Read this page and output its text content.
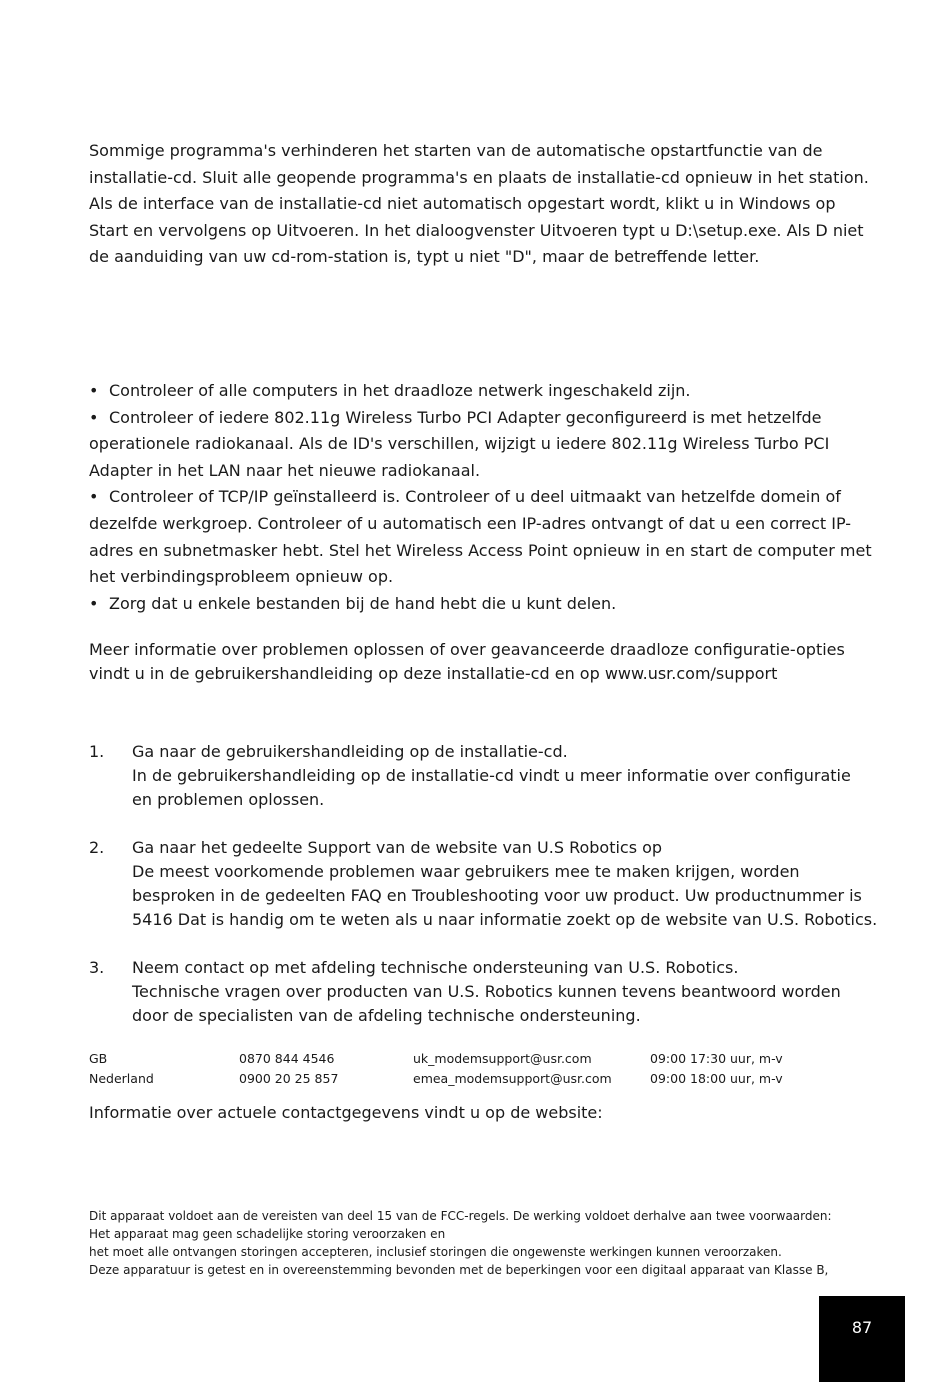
Sommige programma's verhinderen het starten van de automatische opstartfunctie van de

installatie-cd. Sluit alle geopende programma's en plaats de installatie-cd opnieuw in het station.

Als de interface van de installatie-cd niet automatisch opgestart wordt, klikt u in Windows op

Start en vervolgens op Uitvoeren. In het dialoogvenster Uitvoeren typt u D:\setup.exe. Als D niet

de aanduiding van uw cd-rom-station is, typt u niet "D", maar de betreffende letter.

• Controleer of alle computers in het draadloze netwerk ingeschakeld zijn.

• Controleer of iedere 802.11g Wireless Turbo PCI Adapter geconfigureerd is met hetzelfde

operationele radiokanaal. Als de ID's verschillen, wijzigt u iedere 802.11g Wireless Turbo PCI

Adapter in het LAN naar het nieuwe radiokanaal.

• Controleer of TCP/IP geïnstalleerd is. Controleer of u deel uitmaakt van hetzelfde domein of

dezelfde werkgroep. Controleer of u automatisch een IP-adres ontvangt of dat u een correct IP-

adres en subnetmasker hebt. Stel het Wireless Access Point opnieuw in en start de computer met

het verbindingsprobleem opnieuw op.

• Zorg dat u enkele bestanden bij de hand hebt die u kunt delen.

Meer informatie over problemen oplossen of over geavanceerde draadloze configuratie-opties

vindt u in de gebruikershandleiding op deze installatie-cd en op www.usr.com/support

1. Ga naar de gebruikershandleiding op de installatie-cd.
In de gebruikershandleiding op de installatie-cd vindt u meer informatie over configuratie
en problemen oplossen.
2. Ga naar het gedeelte Support van de website van U.S Robotics op
De meest voorkomende problemen waar gebruikers mee te maken krijgen, worden
besproken in de gedeelten FAQ en Troubleshooting voor uw product. Uw productnummer is
5416 Dat is handig om te weten als u naar informatie zoekt op de website van U.S. Robotics.
3. Neem contact op met afdeling technische ondersteuning van U.S. Robotics.
Technische vragen over producten van U.S. Robotics kunnen tevens beantwoord worden
door de specialisten van de afdeling technische ondersteuning.
GB	0870 844 4546	uk_modemsupport@usr.com	09:00 17:30 uur, m-v
Nederland	0900 20 25 857	emea_modemsupport@usr.com	09:00 18:00 uur, m-v

Informatie over actuele contactgegevens vindt u op de website:

Dit apparaat voldoet aan de vereisten van deel 15 van de FCC-regels. De werking voldoet derhalve aan twee voorwaarden:
Het apparaat mag geen schadelijke storing veroorzaken en
het moet alle ontvangen storingen accepteren, inclusief storingen die ongewenste werkingen kunnen veroorzaken.
Deze apparatuur is getest en in overeenstemming bevonden met de beperkingen voor een digitaal apparaat van Klasse B,
87
